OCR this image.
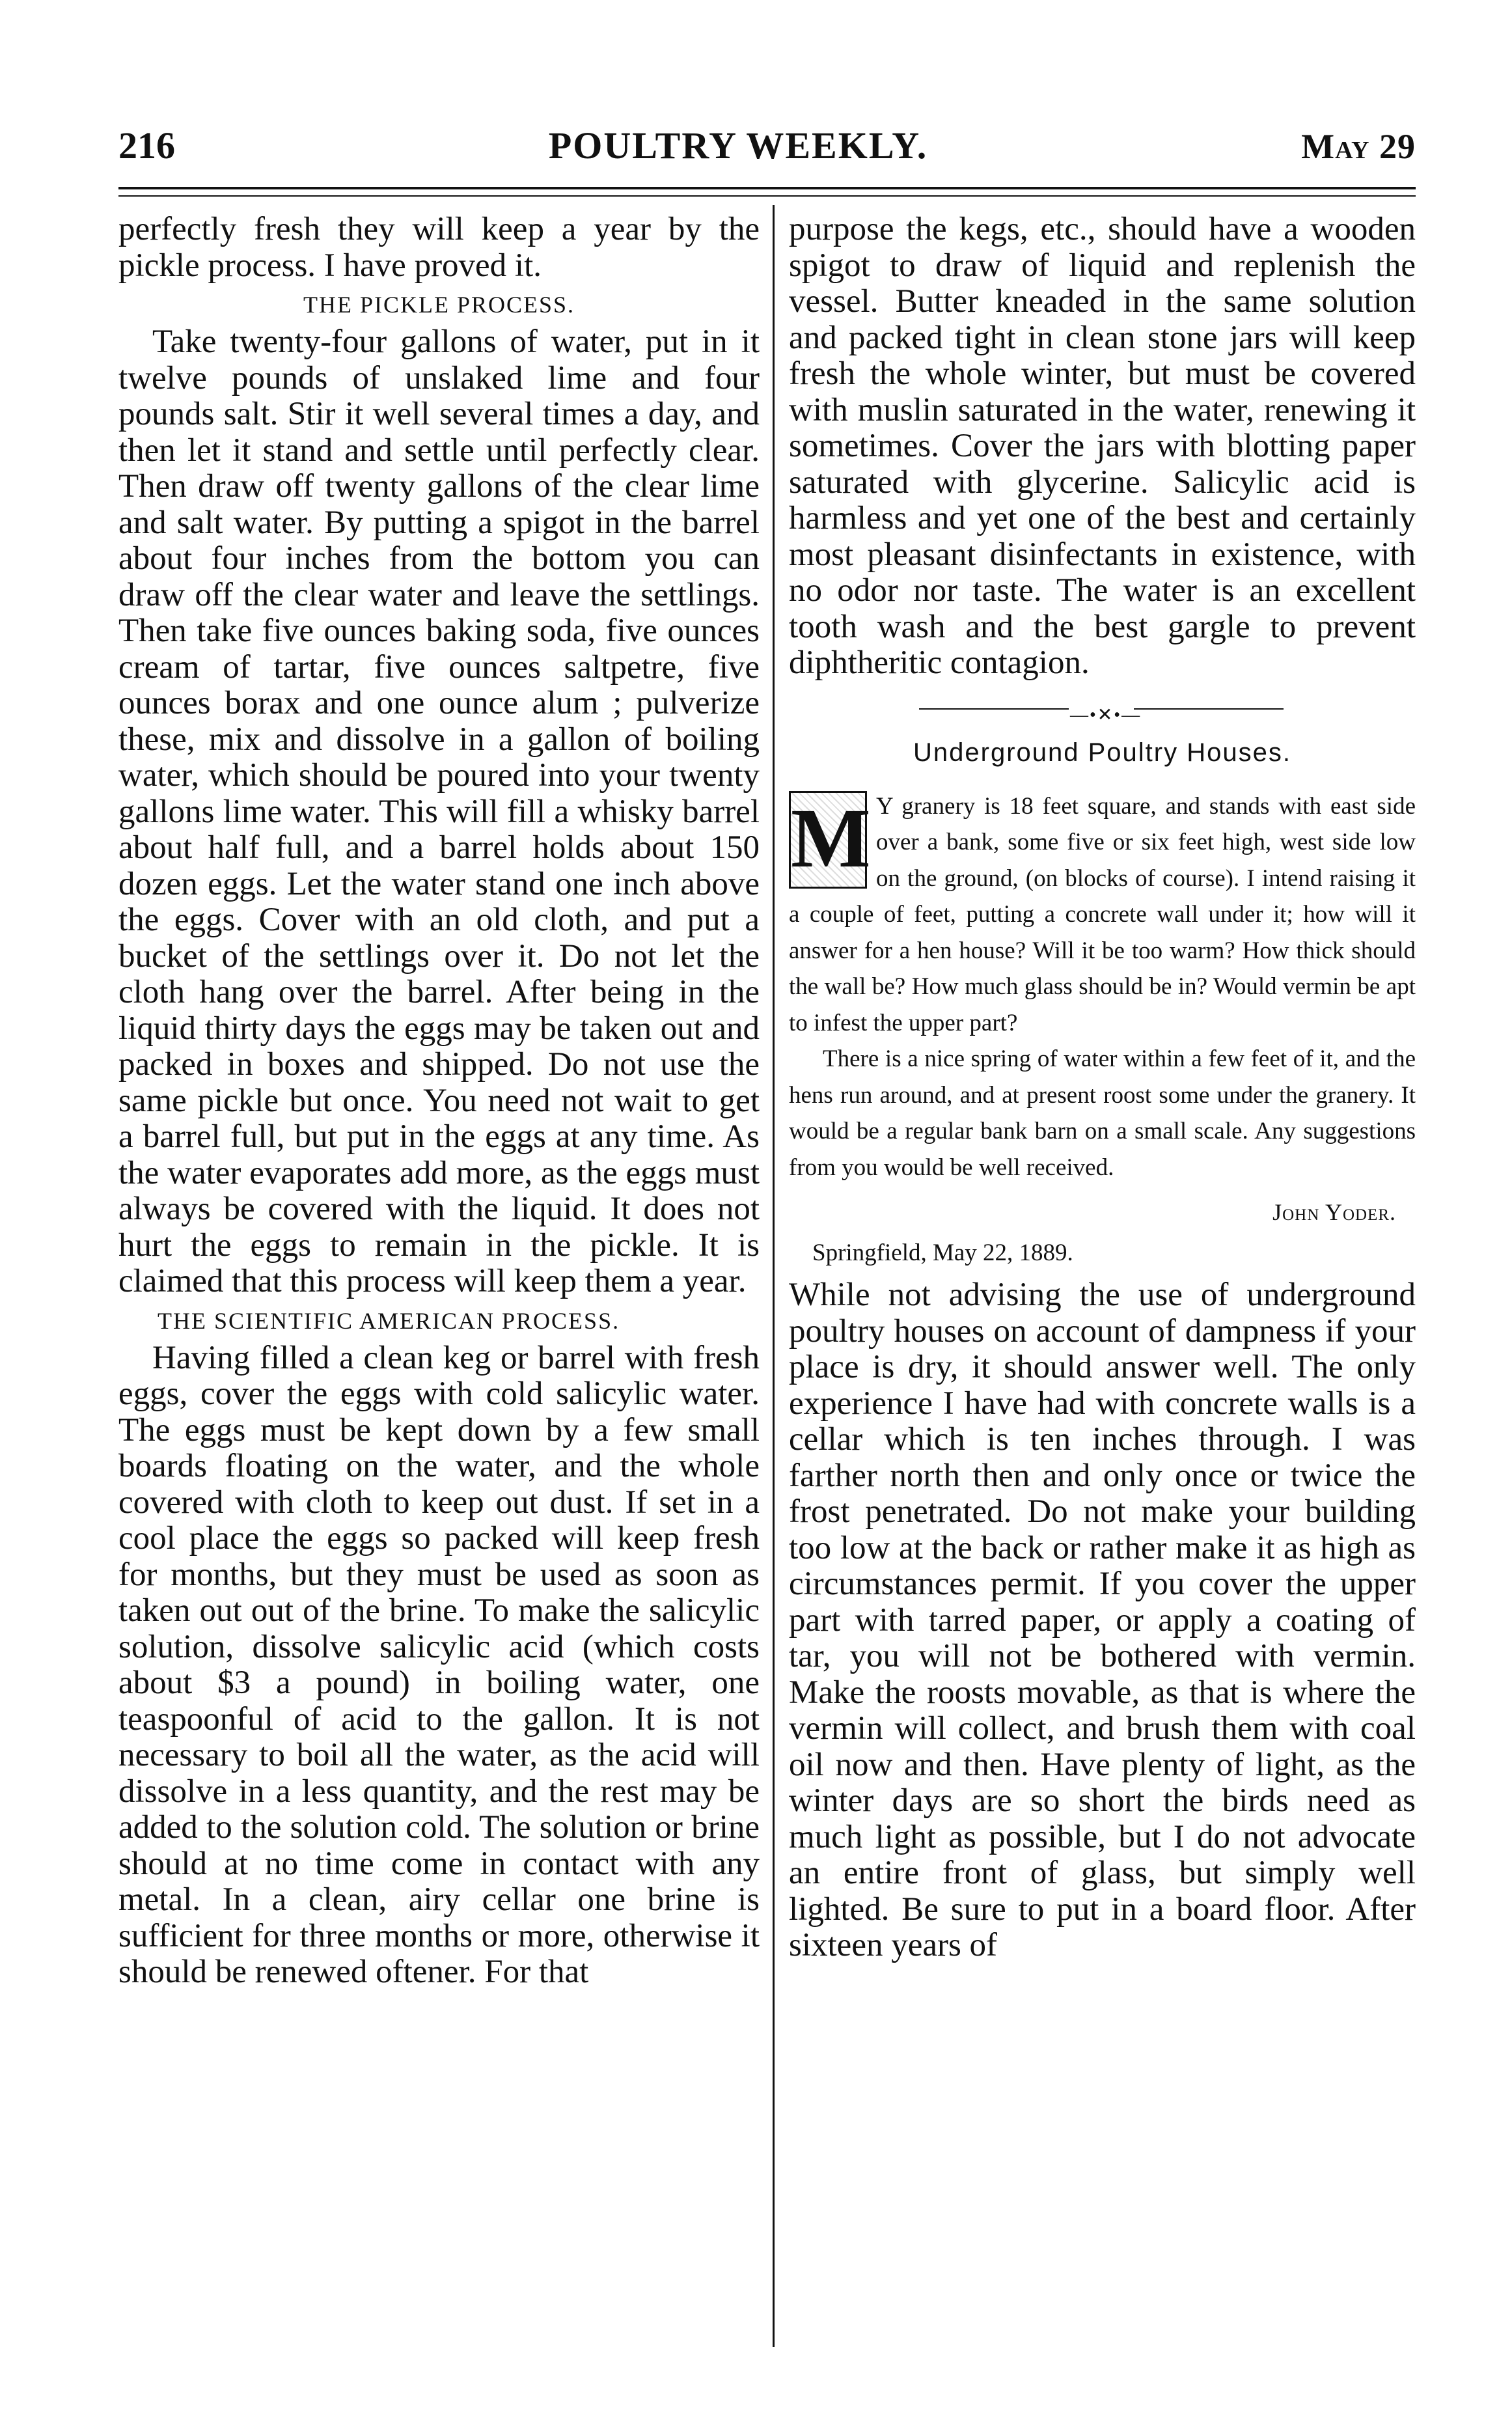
216	POULTRY WEEKLY.	May 29

perfectly fresh they will keep a year by the pickle process. I have proved it.

THE PICKLE PROCESS.

Take twenty-four gallons of water, put in it twelve pounds of unslaked lime and four pounds salt. Stir it well several times a day, and then let it stand and settle until perfectly clear. Then draw off twenty gallons of the clear lime and salt water. By putting a spigot in the barrel about four inches from the bottom you can draw off the clear water and leave the settlings. Then take five ounces baking soda, five ounces cream of tartar, five ounces saltpetre, five ounces borax and one ounce alum ; pulverize these, mix and dissolve in a gallon of boiling water, which should be poured into your twenty gallons lime water. This will fill a whisky barrel about half full, and a barrel holds about 150 dozen eggs. Let the water stand one inch above the eggs. Cover with an old cloth, and put a bucket of the settlings over it. Do not let the cloth hang over the barrel. After being in the liquid thirty days the eggs may be taken out and packed in boxes and shipped. Do not use the same pickle but once. You need not wait to get a barrel full, but put in the eggs at any time. As the water evaporates add more, as the eggs must always be covered with the liquid. It does not hurt the eggs to remain in the pickle. It is claimed that this process will keep them a year.

THE SCIENTIFIC AMERICAN PROCESS.

Having filled a clean keg or barrel with fresh eggs, cover the eggs with cold salicylic water. The eggs must be kept down by a few small boards floating on the water, and the whole covered with cloth to keep out dust. If set in a cool place the eggs so packed will keep fresh for months, but they must be used as soon as taken out out of the brine. To make the salicylic solution, dissolve salicylic acid (which costs about $3 a pound) in boiling water, one teaspoonful of acid to the gallon. It is not necessary to boil all the water, as the acid will dissolve in a less quantity, and the rest may be added to the solution cold. The solution or brine should at no time come in contact with any metal. In a clean, airy cellar one brine is sufficient for three months or more, otherwise it should be renewed oftener. For that

purpose the kegs, etc., should have a wooden spigot to draw of liquid and replenish the vessel. Butter kneaded in the same solution and packed tight in clean stone jars will keep fresh the whole winter, but must be covered with muslin saturated in the water, renewing it sometimes. Cover the jars with blotting paper saturated with glycerine. Salicylic acid is harmless and yet one of the best and certainly most pleasant disinfectants in existence, with no odor nor taste. The water is an excellent tooth wash and the best gargle to prevent diphtheritic contagion.

—•✕•—
Underground Poultry Houses.
M Y granery is 18 feet square, and stands with east side over a bank, some five or six feet high, west side low on the ground, (on blocks of course). I intend raising it a couple of feet, putting a concrete wall under it; how will it answer for a hen house? Will it be too warm? How thick should the wall be? How much glass should be in? Would vermin be apt to infest the upper part?

There is a nice spring of water within a few feet of it, and the hens run around, and at present roost some under the granery. It would be a regular bank barn on a small scale. Any suggestions from you would be well received.

John Yoder.
Springfield, May 22, 1889.

While not advising the use of underground poultry houses on account of dampness if your place is dry, it should answer well. The only experience I have had with concrete walls is a cellar which is ten inches through. I was farther north then and only once or twice the frost penetrated. Do not make your building too low at the back or rather make it as high as circumstances permit. If you cover the upper part with tarred paper, or apply a coating of tar, you will not be bothered with vermin. Make the roosts movable, as that is where the vermin will collect, and brush them with coal oil now and then. Have plenty of light, as the winter days are so short the birds need as much light as possible, but I do not advocate an entire front of glass, but simply well lighted. Be sure to put in a board floor. After sixteen years of
